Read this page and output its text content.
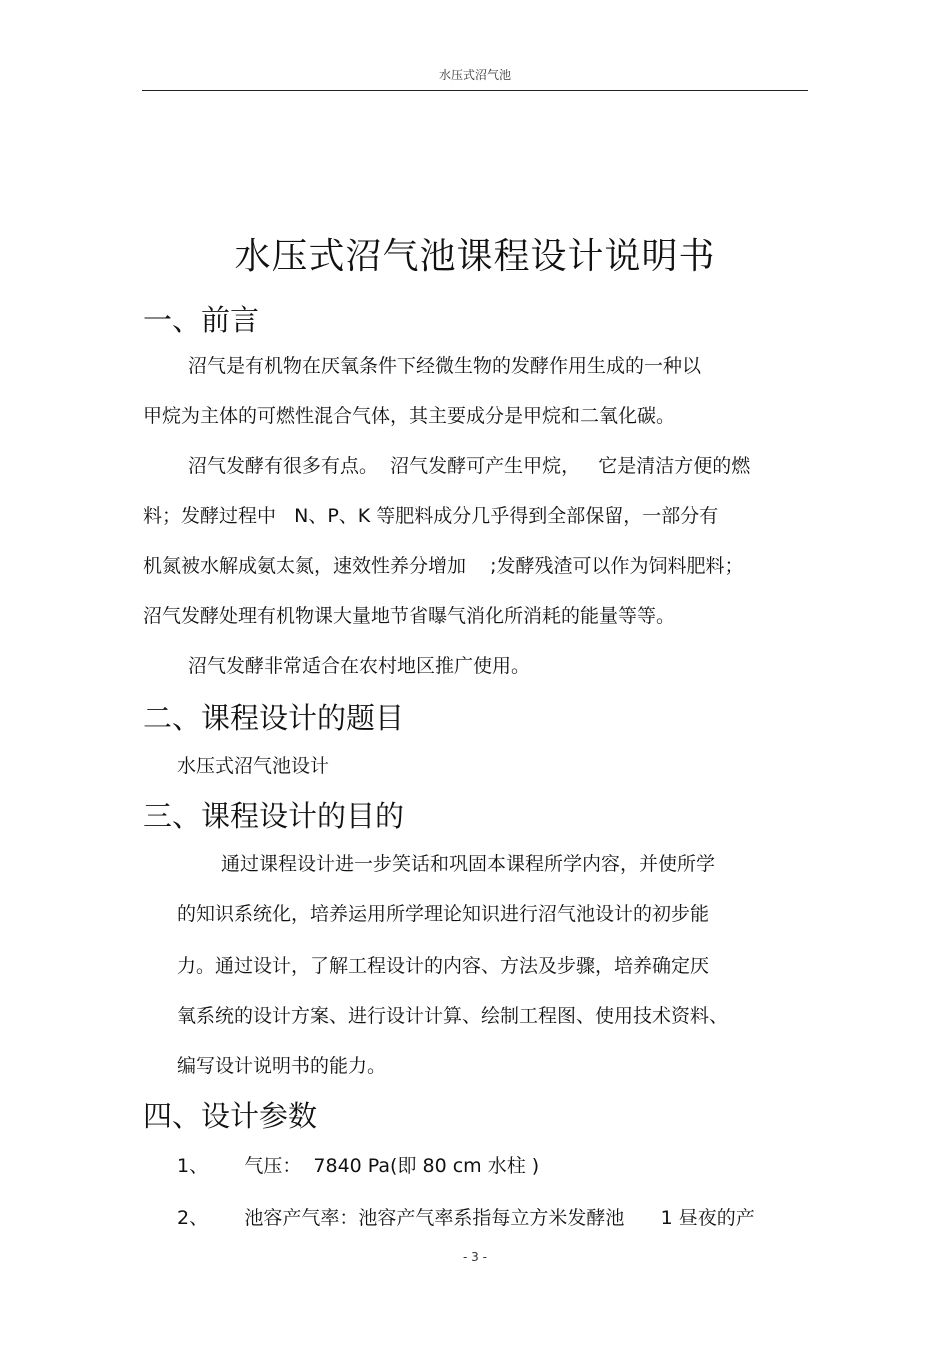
水压式沼气池
水压式沼气池课程设计说明书
一、前言
沼气是有机物在厌氧条件下经微生物的发酵作用生成的一种以
甲烷为主体的可燃性混合气体，其主要成分是甲烷和二氧化碳。
沼气发酵有很多有点。  沼气发酵可产生甲烷，   它是清洁方便的燃
料；发酵过程中   N、P、K 等肥料成分几乎得到全部保留，一部分有
机氮被水解成氨太氮，速效性养分增加    ;发酵残渣可以作为饲料肥料；
沼气发酵处理有机物课大量地节省曝气消化所消耗的能量等等。
沼气发酵非常适合在农村地区推广使用。
二、课程设计的题目
水压式沼气池设计
三、课程设计的目的
通过课程设计进一步笑话和巩固本课程所学内容，并使所学
的知识系统化，培养运用所学理论知识进行沼气池设计的初步能
力。通过设计，了解工程设计的内容、方法及步骤，培养确定厌
氧系统的设计方案、进行设计计算、绘制工程图、使用技术资料、
编写设计说明书的能力。
四、设计参数
1、      气压：  7840 Pa(即 80 cm 水柱 )
2、      池容产气率：池容产气率系指每立方米发酵池      1 昼夜的产
- 3 -
